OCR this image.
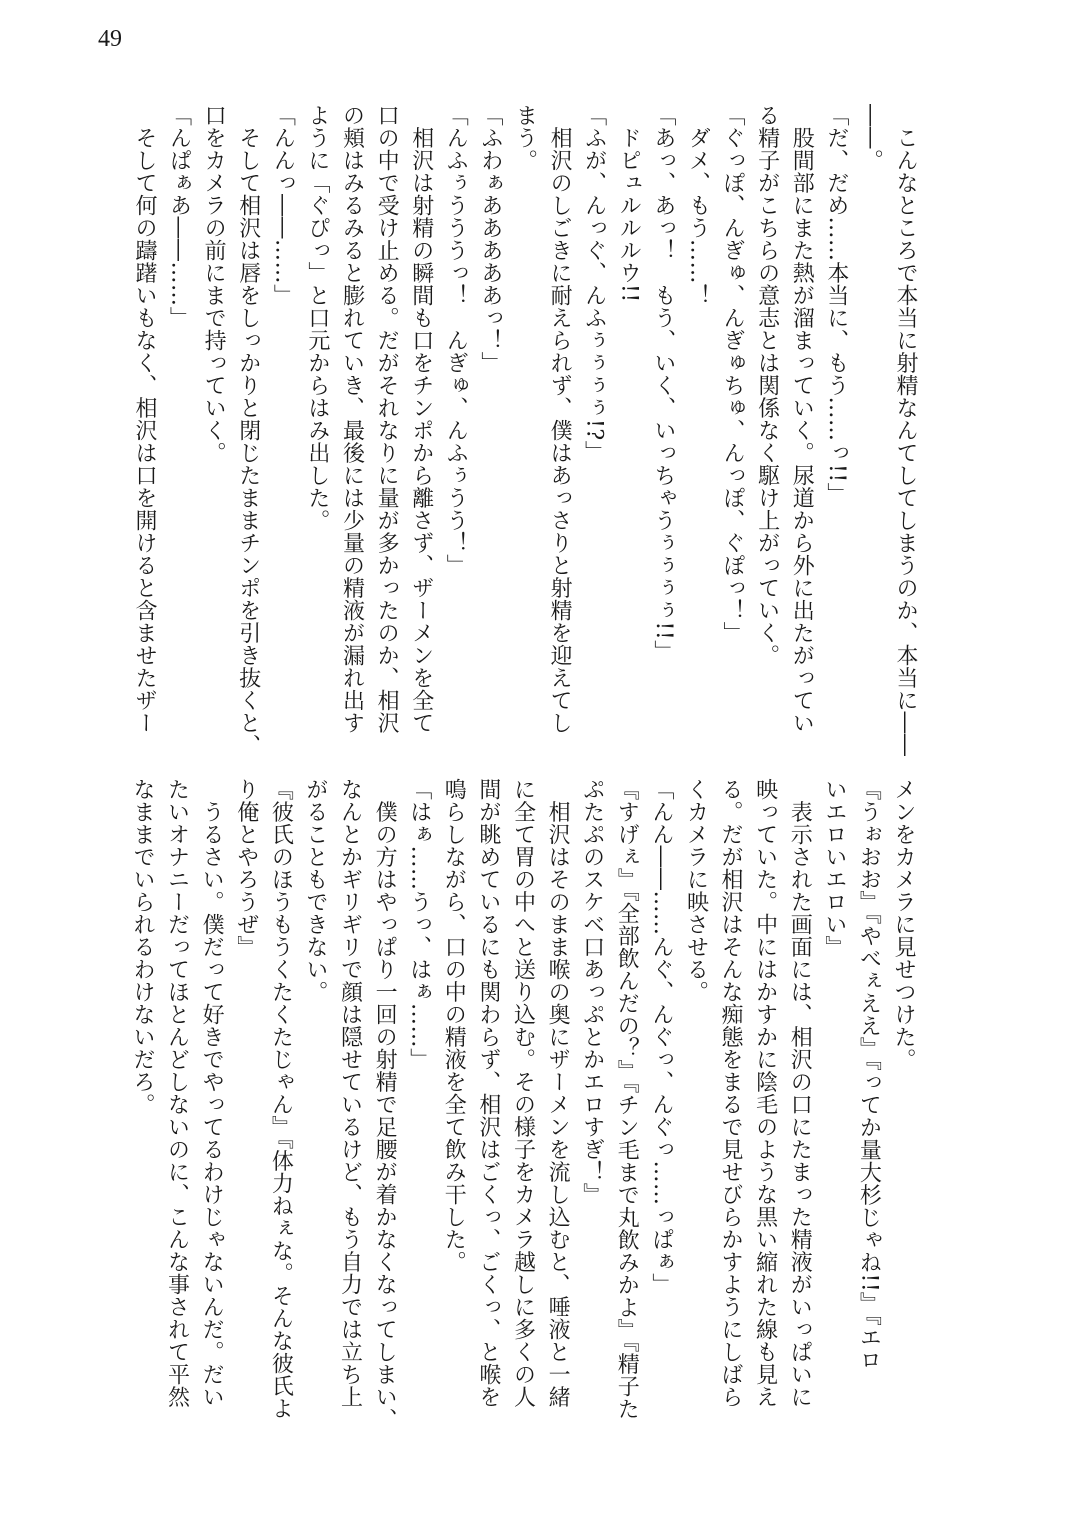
49
　こんなところで本当に射精なんてしてしまうのか、本当に――
――。
「だ、だめ……本当に、もう……っ!!」
　股間部にまた熱が溜まっていく。尿道から外に出たがってい
る精子がこちらの意志とは関係なく駆け上がっていく。
「ぐっぽ、んぎゅ、んぎゅちゅ、んっぽ、ぐぽっ！」
　ダメ、もう……！
「あっ、あっ！　もう、いく、いっちゃうぅぅぅぅ!!」
　ドピュルルルウ!!
「ふが、んっぐ、んふぅぅぅぅ!?」
　相沢のしごきに耐えられず、僕はあっさりと射精を迎えてし
まう。
「ふわぁあああああっ！」
「んふぅうううっ！　んぎゅ、んふぅうう！」
　相沢は射精の瞬間も口をチンポから離さず、ザーメンを全て
口の中で受け止める。だがそれなりに量が多かったのか、相沢
の頬はみるみると膨れていき、最後には少量の精液が漏れ出す
ように「ぐぴっ」と口元からはみ出した。
「んんっ――……」
　そして相沢は唇をしっかりと閉じたままチンポを引き抜くと、
口をカメラの前にまで持っていく。
「んぱぁあ――……」
　そして何の躊躇いもなく、相沢は口を開けると含ませたザー
メンをカメラに見せつけた。
『うぉおお』『やべぇええ』『ってか量大杉じゃね!!』『エロ
いエロいエロい』
　表示された画面には、相沢の口にたまった精液がいっぱいに
映っていた。中にはかすかに陰毛のような黒い縮れた線も見え
る。だが相沢はそんな痴態をまるで見せびらかすようにしばら
くカメラに映させる。
「んん――……んぐ、んぐっ、んぐっ……っぱぁ」
『すげぇ』『全部飲んだの？』『チン毛まで丸飲みかよ』『精子た
ぷたぷのスケベ口あっぷとかエロすぎ！』
　相沢はそのまま喉の奥にザーメンを流し込むと、唾液と一緒
に全て胃の中へと送り込む。その様子をカメラ越しに多くの人
間が眺めているにも関わらず、相沢はごくっ、ごくっ、と喉を
鳴らしながら、口の中の精液を全て飲み干した。
「はぁ……うっ、はぁ……」
　僕の方はやっぱり一回の射精で足腰が着かなくなってしまい、
なんとかギリギリで顔は隠せているけど、もう自力では立ち上
がることもできない。
『彼氏のほうもうくたくたじゃん』『体力ねぇな。そんな彼氏よ
り俺とやろうぜ』
　うるさい。僕だって好きでやってるわけじゃないんだ。だい
たいオナニーだってほとんどしないのに、こんな事されて平然
なままでいられるわけないだろ。
